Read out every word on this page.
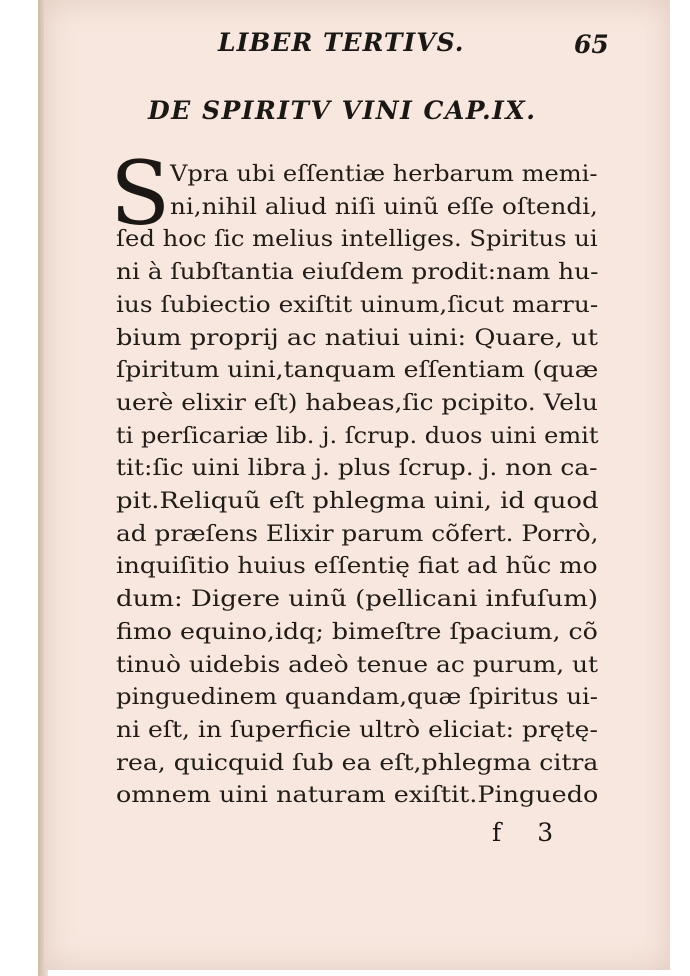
LIBER TERTIVS.	65
DE SPIRITV VINI CAP.IX.
S Vpra ubi eſſentiæ herbarum memi-
ni,nihil aliud niſi uinũ eſſe oſtendi,
ſed hoc ſic melius intelliges. Spiritus ui
ni à ſubſtantia eiuſdem prodit:nam hu-
ius ſubiectio exiſtit uinum,ſicut marru-
bium proprij ac natiui uini: Quare, ut
ſpiritum uini,tanquam eſſentiam (quæ
uerè elixir eſt) habeas,ſic pcipito. Velu
ti perſicariæ lib. j. ſcrup. duos uini emit
tit:ſic uini libra j. plus ſcrup. j. non ca-
pit.Reliquũ eſt phlegma uini, id quod
ad præſens Elixir parum cõfert. Porrò,
inquiſitio huius eſſentię fiat ad hũc mo
dum: Digere uinũ (pellicani infuſum)
fimo equino,idq; bimeſtre ſpacium, cõ
tinuò uidebis adeò tenue ac purum, ut
pinguedinem quandam,quæ ſpiritus ui-
ni eſt, in ſuperficie ultrò eliciat: prętę-
rea, quicquid ſub ea eſt,phlegma citra
omnem uini naturam exiſtit.Pinguedo
f 3
